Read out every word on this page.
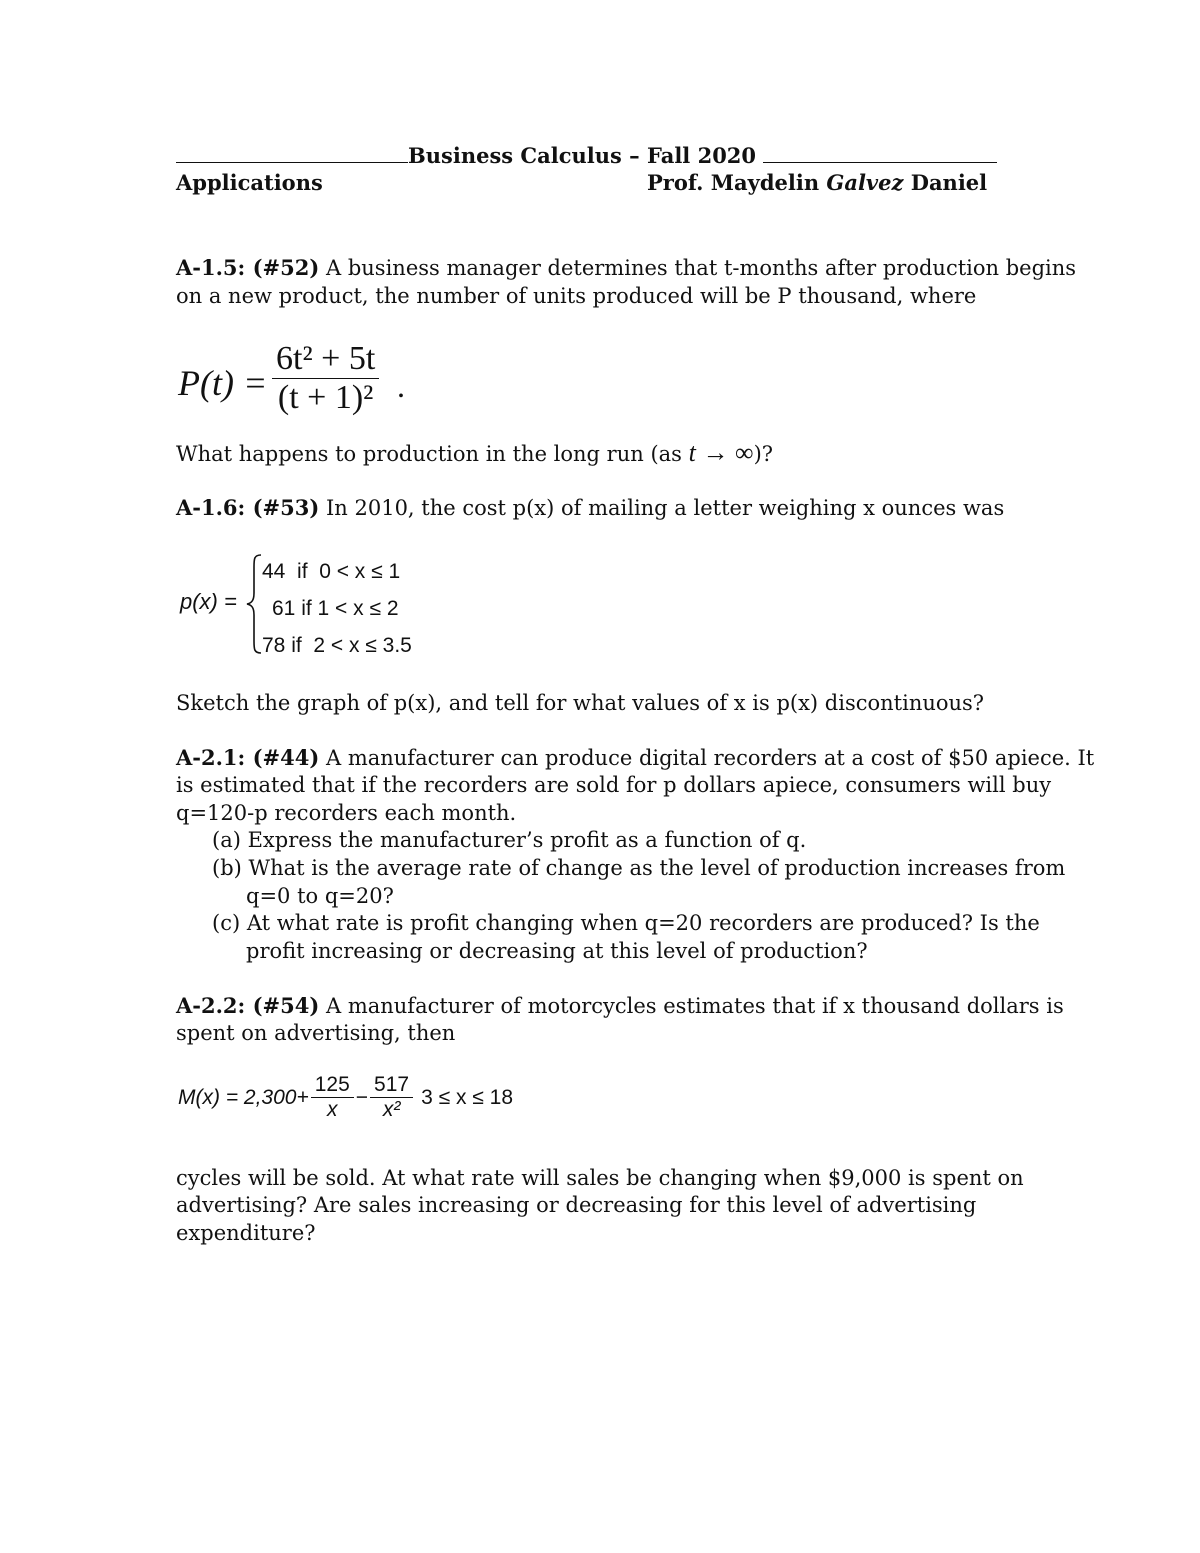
Business Calculus – Fall 2020
Applications	Prof. Maydelin Galvez Daniel
A-1.5: (#52) A business manager determines that t-months after production begins
on a new product, the number of units produced will be P thousand, where
$P(t) = \frac{\text{6t² + 5t}}{\text{(t + 1)²}}$ .
What happens to production in the long run (as t → ∞)?
A-1.6: (#53) In 2010, the cost p(x) of mailing a letter weighing x ounces was
p(x) =
44  if  0 < x ≤ 1
61 if 1 < x ≤ 2
78 if  2 < x ≤ 3.5
Sketch the graph of p(x), and tell for what values of x is p(x) discontinuous?
A-2.1: (#44) A manufacturer can produce digital recorders at a cost of $50 apiece. It
is estimated that if the recorders are sold for p dollars apiece, consumers will buy
q=120-p recorders each month.
(a) Express the manufacturer’s profit as a function of q.
(b) What is the average rate of change as the level of production increases from
q=0 to q=20?
(c) At what rate is profit changing when q=20 recorders are produced? Is the
profit increasing or decreasing at this level of production?
A-2.2: (#54) A manufacturer of motorcycles estimates that if x thousand dollars is
spent on advertising, then
$M(x) = 2,300+ \frac{125}{x} - \frac{517}{\text{x²}} 3 \le x \le 18$
cycles will be sold. At what rate will sales be changing when $9,000 is spent on
advertising? Are sales increasing or decreasing for this level of advertising
expenditure?
